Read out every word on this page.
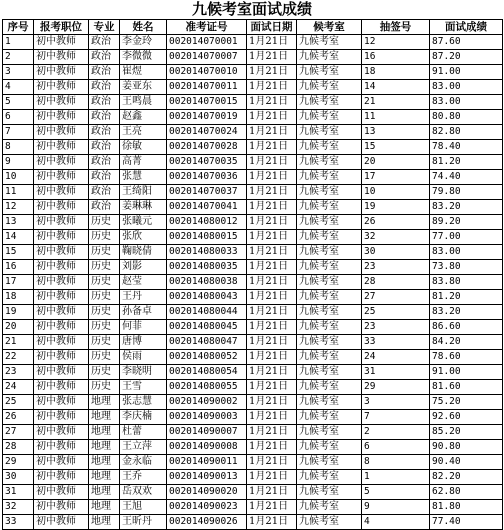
九候考室面试成绩
序号	报考职位	专业	姓名	准考证号	面试日期	候考室	抽签号	面试成绩
1	初中教师	政治	李金玲	002014070001	1月21日	九候考室	12	87.60
2	初中教师	政治	李微微	002014070007	1月21日	九候考室	16	87.20
3	初中教师	政治	崔煜	002014070010	1月21日	九候考室	18	91.00
4	初中教师	政治	姜亚东	002014070011	1月21日	九候考室	14	83.00
5	初中教师	政治	王鸣晨	002014070015	1月21日	九候考室	21	83.00
6	初中教师	政治	赵鑫	002014070019	1月21日	九候考室	11	80.80
7	初中教师	政治	王亮	002014070024	1月21日	九候考室	13	82.80
8	初中教师	政治	徐敏	002014070028	1月21日	九候考室	15	78.40
9	初中教师	政治	高菁	002014070035	1月21日	九候考室	20	81.20
10	初中教师	政治	张慧	002014070036	1月21日	九候考室	17	74.40
11	初中教师	政治	王绮阳	002014070037	1月21日	九候考室	10	79.80
12	初中教师	政治	姜琳琳	002014070041	1月21日	九候考室	19	83.20
13	初中教师	历史	张曦元	002014080012	1月21日	九候考室	26	89.20
14	初中教师	历史	张欣	002014080015	1月21日	九候考室	32	77.00
15	初中教师	历史	鞠晓倩	002014080033	1月21日	九候考室	30	83.00
16	初中教师	历史	刘影	002014080035	1月21日	九候考室	23	73.80
17	初中教师	历史	赵莹	002014080038	1月21日	九候考室	28	83.80
18	初中教师	历史	王丹	002014080043	1月21日	九候考室	27	81.20
19	初中教师	历史	孙备卓	002014080044	1月21日	九候考室	25	83.20
20	初中教师	历史	何菲	002014080045	1月21日	九候考室	23	86.60
21	初中教师	历史	唐博	002014080047	1月21日	九候考室	33	84.20
22	初中教师	历史	侯雨	002014080052	1月21日	九候考室	24	78.60
23	初中教师	历史	李晓明	002014080054	1月21日	九候考室	31	91.00
24	初中教师	历史	王雪	002014080055	1月21日	九候考室	29	81.60
25	初中教师	地理	张志慧	002014090002	1月21日	九候考室	3	75.20
26	初中教师	地理	李庆楠	002014090003	1月21日	九候考室	7	92.60
27	初中教师	地理	杜蕾	002014090007	1月21日	九候考室	2	85.20
28	初中教师	地理	王立萍	002014090008	1月21日	九候考室	6	90.80
29	初中教师	地理	金永临	002014090011	1月21日	九候考室	8	90.40
30	初中教师	地理	王乔	002014090013	1月21日	九候考室	1	82.20
31	初中教师	地理	岳双欢	002014090020	1月21日	九候考室	5	62.80
32	初中教师	地理	王旭	002014090023	1月21日	九候考室	9	81.80
33	初中教师	地理	王昕丹	002014090026	1月21日	九候考室	4	77.40
